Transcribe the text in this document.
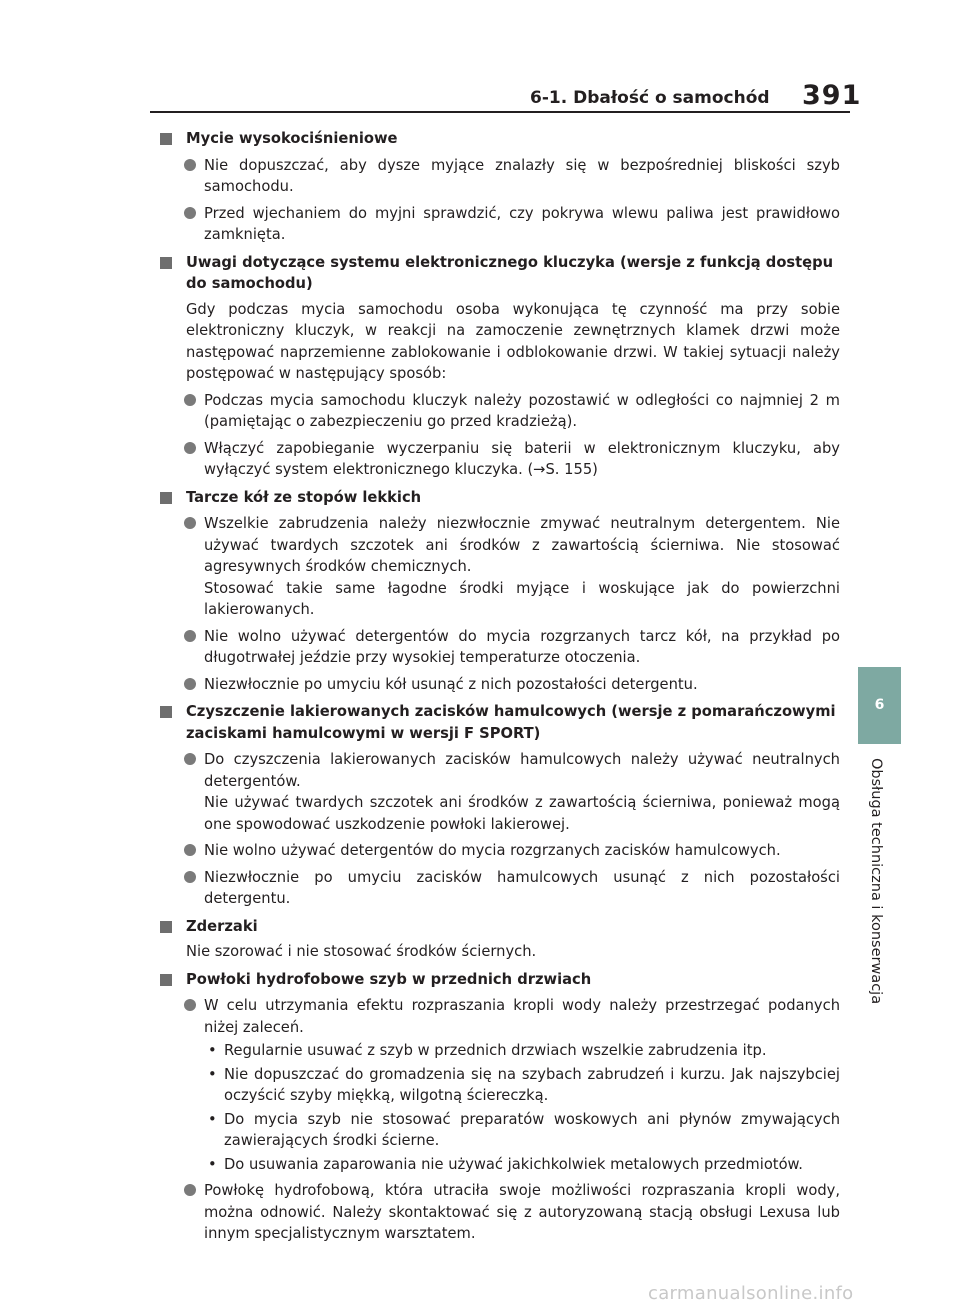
6-1. Dbałość o samochód 391
6
Obsługa techniczna i konserwacja
Mycie wysokociśnieniowe

Nie dopuszczać, aby dysze myjące znalazły się w bezpośredniej bliskości szyb samochodu.

Przed wjechaniem do myjni sprawdzić, czy pokrywa wlewu paliwa jest prawidłowo zamknięta.

Uwagi dotyczące systemu elektronicznego kluczyka (wersje z funkcją dostępu do samochodu)
Gdy podczas mycia samochodu osoba wykonująca tę czynność ma przy sobie elektroniczny kluczyk, w reakcji na zamoczenie zewnętrznych klamek drzwi może następować naprzemienne zablokowanie i odblokowanie drzwi. W takiej sytuacji należy postępować w następujący sposób:

Podczas mycia samochodu kluczyk należy pozostawić w odległości co najmniej 2 m (pamiętając o zabezpieczeniu go przed kradzieżą).

Włączyć zapobieganie wyczerpaniu się baterii w elektronicznym kluczyku, aby wyłączyć system elektronicznego kluczyka. (→S. 155)

Tarcze kół ze stopów lekkich

Wszelkie zabrudzenia należy niezwłocznie zmywać neutralnym detergentem. Nie używać twardych szczotek ani środków z zawartością ścierniwa. Nie stosować agresywnych środków chemicznych.

Stosować takie same łagodne środki myjące i woskujące jak do powierzchni lakierowanych.

Nie wolno używać detergentów do mycia rozgrzanych tarcz kół, na przykład po długotrwałej jeździe przy wysokiej temperaturze otoczenia.

Niezwłocznie po umyciu kół usunąć z nich pozostałości detergentu.

Czyszczenie lakierowanych zacisków hamulcowych (wersje z pomarańczowymi zaciskami hamulcowymi w wersji F SPORT)

Do czyszczenia lakierowanych zacisków hamulcowych należy używać neutralnych detergentów.

Nie używać twardych szczotek ani środków z zawartością ścierniwa, ponieważ mogą one spowodować uszkodzenie powłoki lakierowej.

Nie wolno używać detergentów do mycia rozgrzanych zacisków hamulcowych.

Niezwłocznie po umyciu zacisków hamulcowych usunąć z nich pozostałości detergentu.

Zderzaki
Nie szorować i nie stosować środków ściernych.
Powłoki hydrofobowe szyb w przednich drzwiach

W celu utrzymania efektu rozpraszania kropli wody należy przestrzegać podanych niżej zaleceń.

• Regularnie usuwać z szyb w przednich drzwiach wszelkie zabrudzenia itp.
• Nie dopuszczać do gromadzenia się na szybach zabrudzeń i kurzu. Jak najszybciej oczyścić szyby miękką, wilgotną ściereczką.
• Do mycia szyb nie stosować preparatów woskowych ani płynów zmywających zawierających środki ścierne.
• Do usuwania zaparowania nie używać jakichkolwiek metalowych przedmiotów.

Powłokę hydrofobową, która utraciła swoje możliwości rozpraszania kropli wody, można odnowić. Należy skontaktować się z autoryzowaną stacją obsługi Lexusa lub innym specjalistycznym warsztatem.

carmanualsonline.info
